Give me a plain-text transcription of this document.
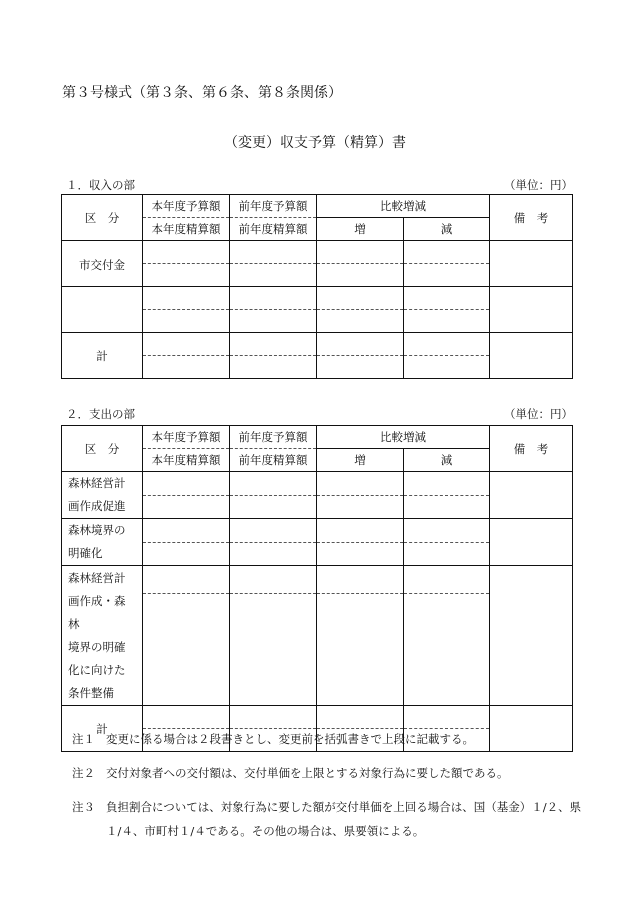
第３号様式（第３条、第６条、第８条関係）
（変更）収支予算（精算）書
１．収入の部	（単位：円）
区　分	本年度予算額	前年度予算額	比較増減		備　考
	本年度精算額	前年度精算額	増	減	
市交付金					

計					

２．支出の部	（単位：円）
区　分	本年度予算額	前年度予算額	比較増減		備　考
	本年度精算額	前年度精算額	増	減	

森林経営計
画作成促進					

森林境界の
明確化					

森林経営計
画作成・森林
境界の明確
化に向けた
条件整備					

計					

注１ 変更に係る場合は２段書きとし、変更前を括弧書きで上段に記載する。
注２ 交付対象者への交付額は、交付単価を上限とする対象行為に要した額である。
注３ 負担割合については、対象行為に要した額が交付単価を上回る場合は、国（基金）１/２、県１/４、市町村１/４である。その他の場合は、県要領による。
